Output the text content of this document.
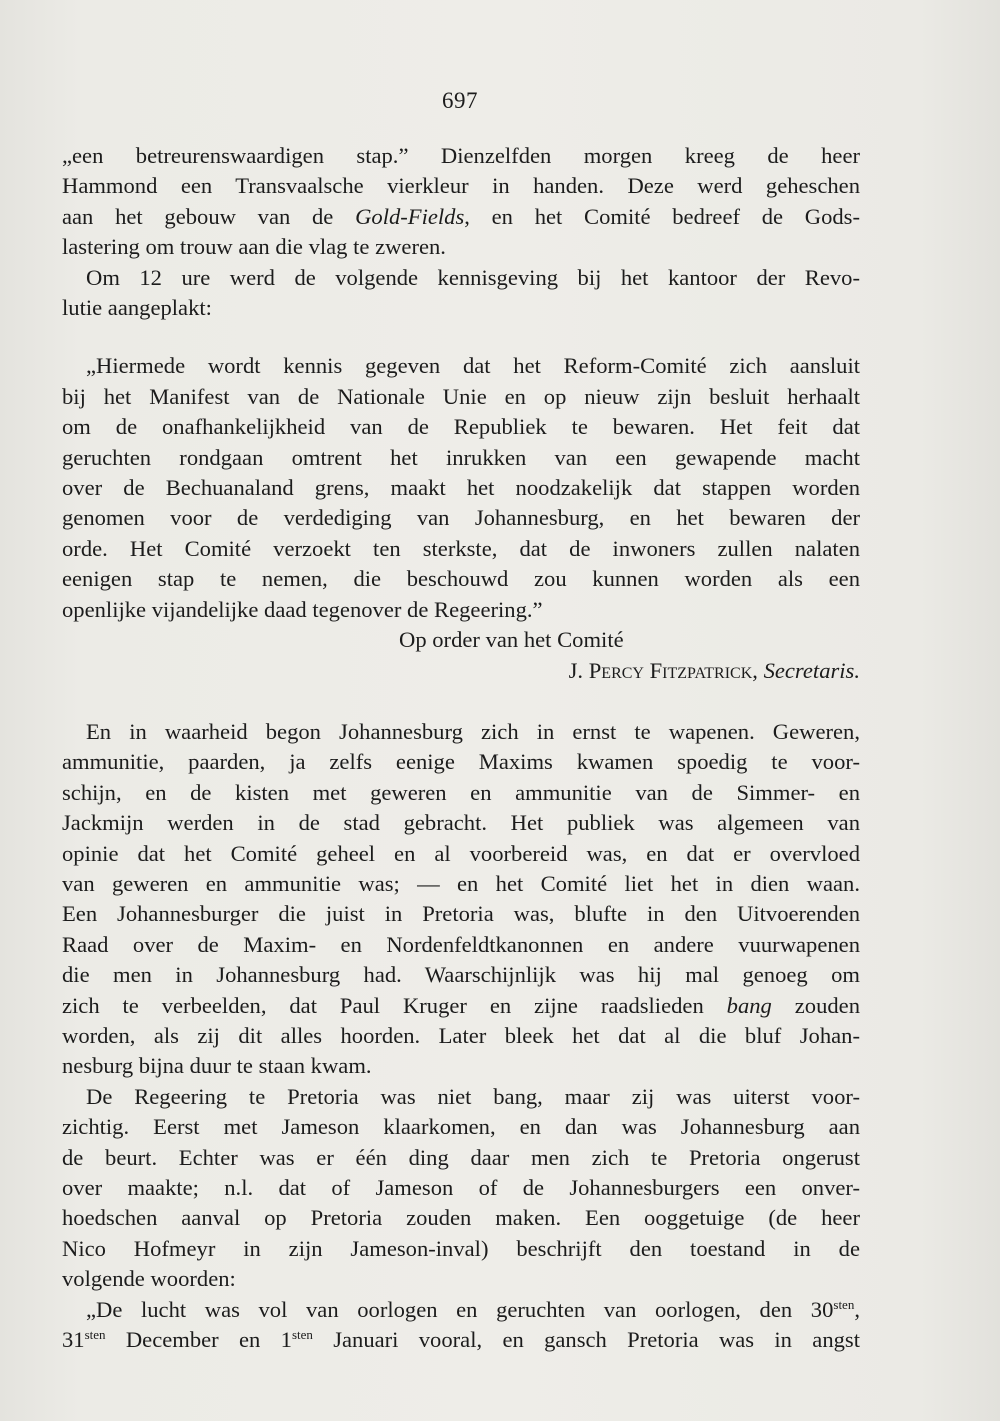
697
„een betreurenswaardigen stap.” Dienzelfden morgen kreeg de heer
Hammond een Transvaalsche vierkleur in handen. Deze werd geheschen
aan het gebouw van de Gold-Fields, en het Comité bedreef de Gods-
lastering om trouw aan die vlag te zweren.
Om 12 ure werd de volgende kennisgeving bij het kantoor der Revo-
lutie aangeplakt:
„Hiermede wordt kennis gegeven dat het Reform-Comité zich aansluit
bij het Manifest van de Nationale Unie en op nieuw zijn besluit herhaalt
om de onafhankelijkheid van de Republiek te bewaren. Het feit dat
geruchten rondgaan omtrent het inrukken van een gewapende macht
over de Bechuanaland grens, maakt het noodzakelijk dat stappen worden
genomen voor de verdediging van Johannesburg, en het bewaren der
orde. Het Comité verzoekt ten sterkste, dat de inwoners zullen nalaten
eenigen stap te nemen, die beschouwd zou kunnen worden als een
openlijke vijandelijke daad tegenover de Regeering.”
Op order van het Comité
J. Percy Fitzpatrick, Secretaris.
En in waarheid begon Johannesburg zich in ernst te wapenen. Geweren,
ammunitie, paarden, ja zelfs eenige Maxims kwamen spoedig te voor-
schijn, en de kisten met geweren en ammunitie van de Simmer- en
Jackmijn werden in de stad gebracht. Het publiek was algemeen van
opinie dat het Comité geheel en al voorbereid was, en dat er overvloed
van geweren en ammunitie was; — en het Comité liet het in dien waan.
Een Johannesburger die juist in Pretoria was, blufte in den Uitvoerenden
Raad over de Maxim- en Nordenfeldtkanonnen en andere vuurwapenen
die men in Johannesburg had. Waarschijnlijk was hij mal genoeg om
zich te verbeelden, dat Paul Kruger en zijne raadslieden bang zouden
worden, als zij dit alles hoorden. Later bleek het dat al die bluf Johan-
nesburg bijna duur te staan kwam.
De Regeering te Pretoria was niet bang, maar zij was uiterst voor-
zichtig. Eerst met Jameson klaarkomen, en dan was Johannesburg aan
de beurt. Echter was er één ding daar men zich te Pretoria ongerust
over maakte; n.l. dat of Jameson of de Johannesburgers een onver-
hoedschen aanval op Pretoria zouden maken. Een ooggetuige (de heer
Nico Hofmeyr in zijn Jameson-inval) beschrijft den toestand in de
volgende woorden:
„De lucht was vol van oorlogen en geruchten van oorlogen, den $30^{sten}$,
$31^{sten}$ December en $1^{sten}$ Januari vooral, en gansch Pretoria was in angst
